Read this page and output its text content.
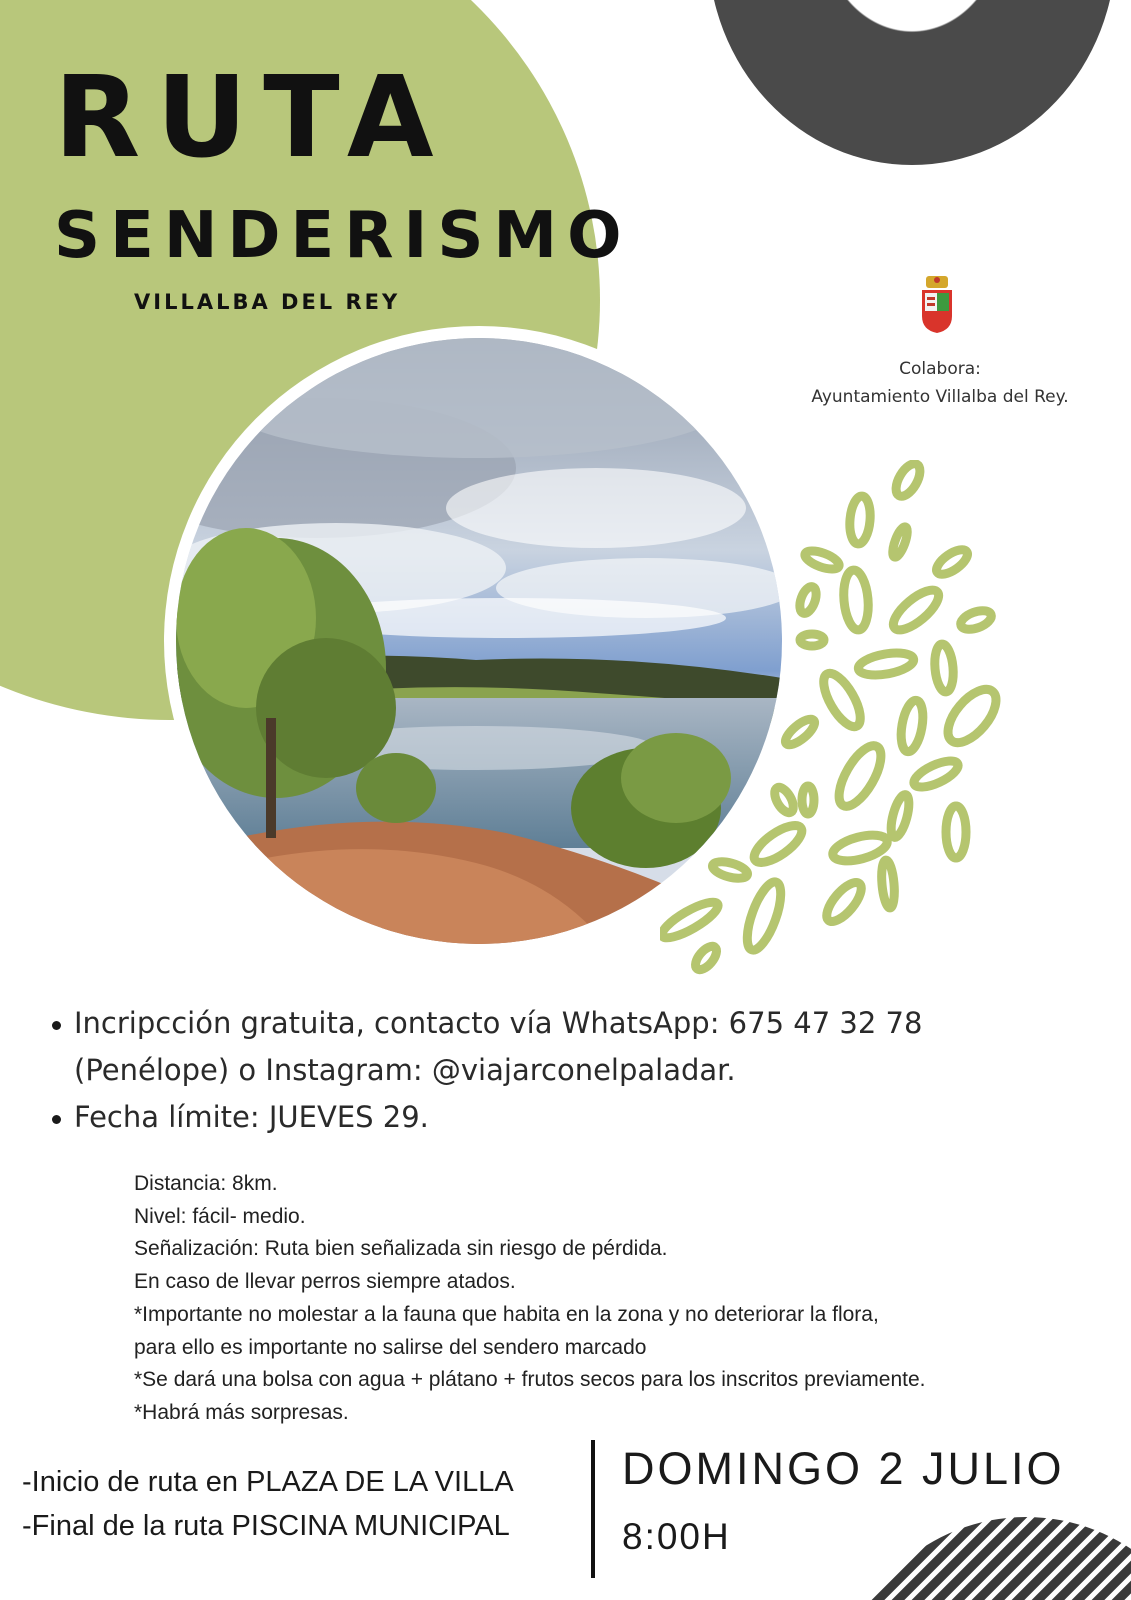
RUTA
SENDERISMO
VILLALBA DEL REY
Colabora:
Ayuntamiento Villalba del Rey.
Incripcción gratuita, contacto vía WhatsApp: 675 47 32 78 (Penélope) o Instagram: @viajarconelpaladar.
Fecha límite: JUEVES 29.
Distancia: 8km.
Nivel: fácil- medio.
Señalización: Ruta bien señalizada sin riesgo de pérdida.
En caso de llevar perros siempre atados.
*Importante no molestar a la fauna que habita en la zona y no deteriorar la flora,
para ello es importante no salirse del sendero marcado
*Se dará una bolsa con agua + plátano + frutos secos para los inscritos previamente.
*Habrá más sorpresas.
-Inicio de ruta en PLAZA DE LA VILLA
-Final de la ruta PISCINA MUNICIPAL
DOMINGO 2 JULIO
8:00H
